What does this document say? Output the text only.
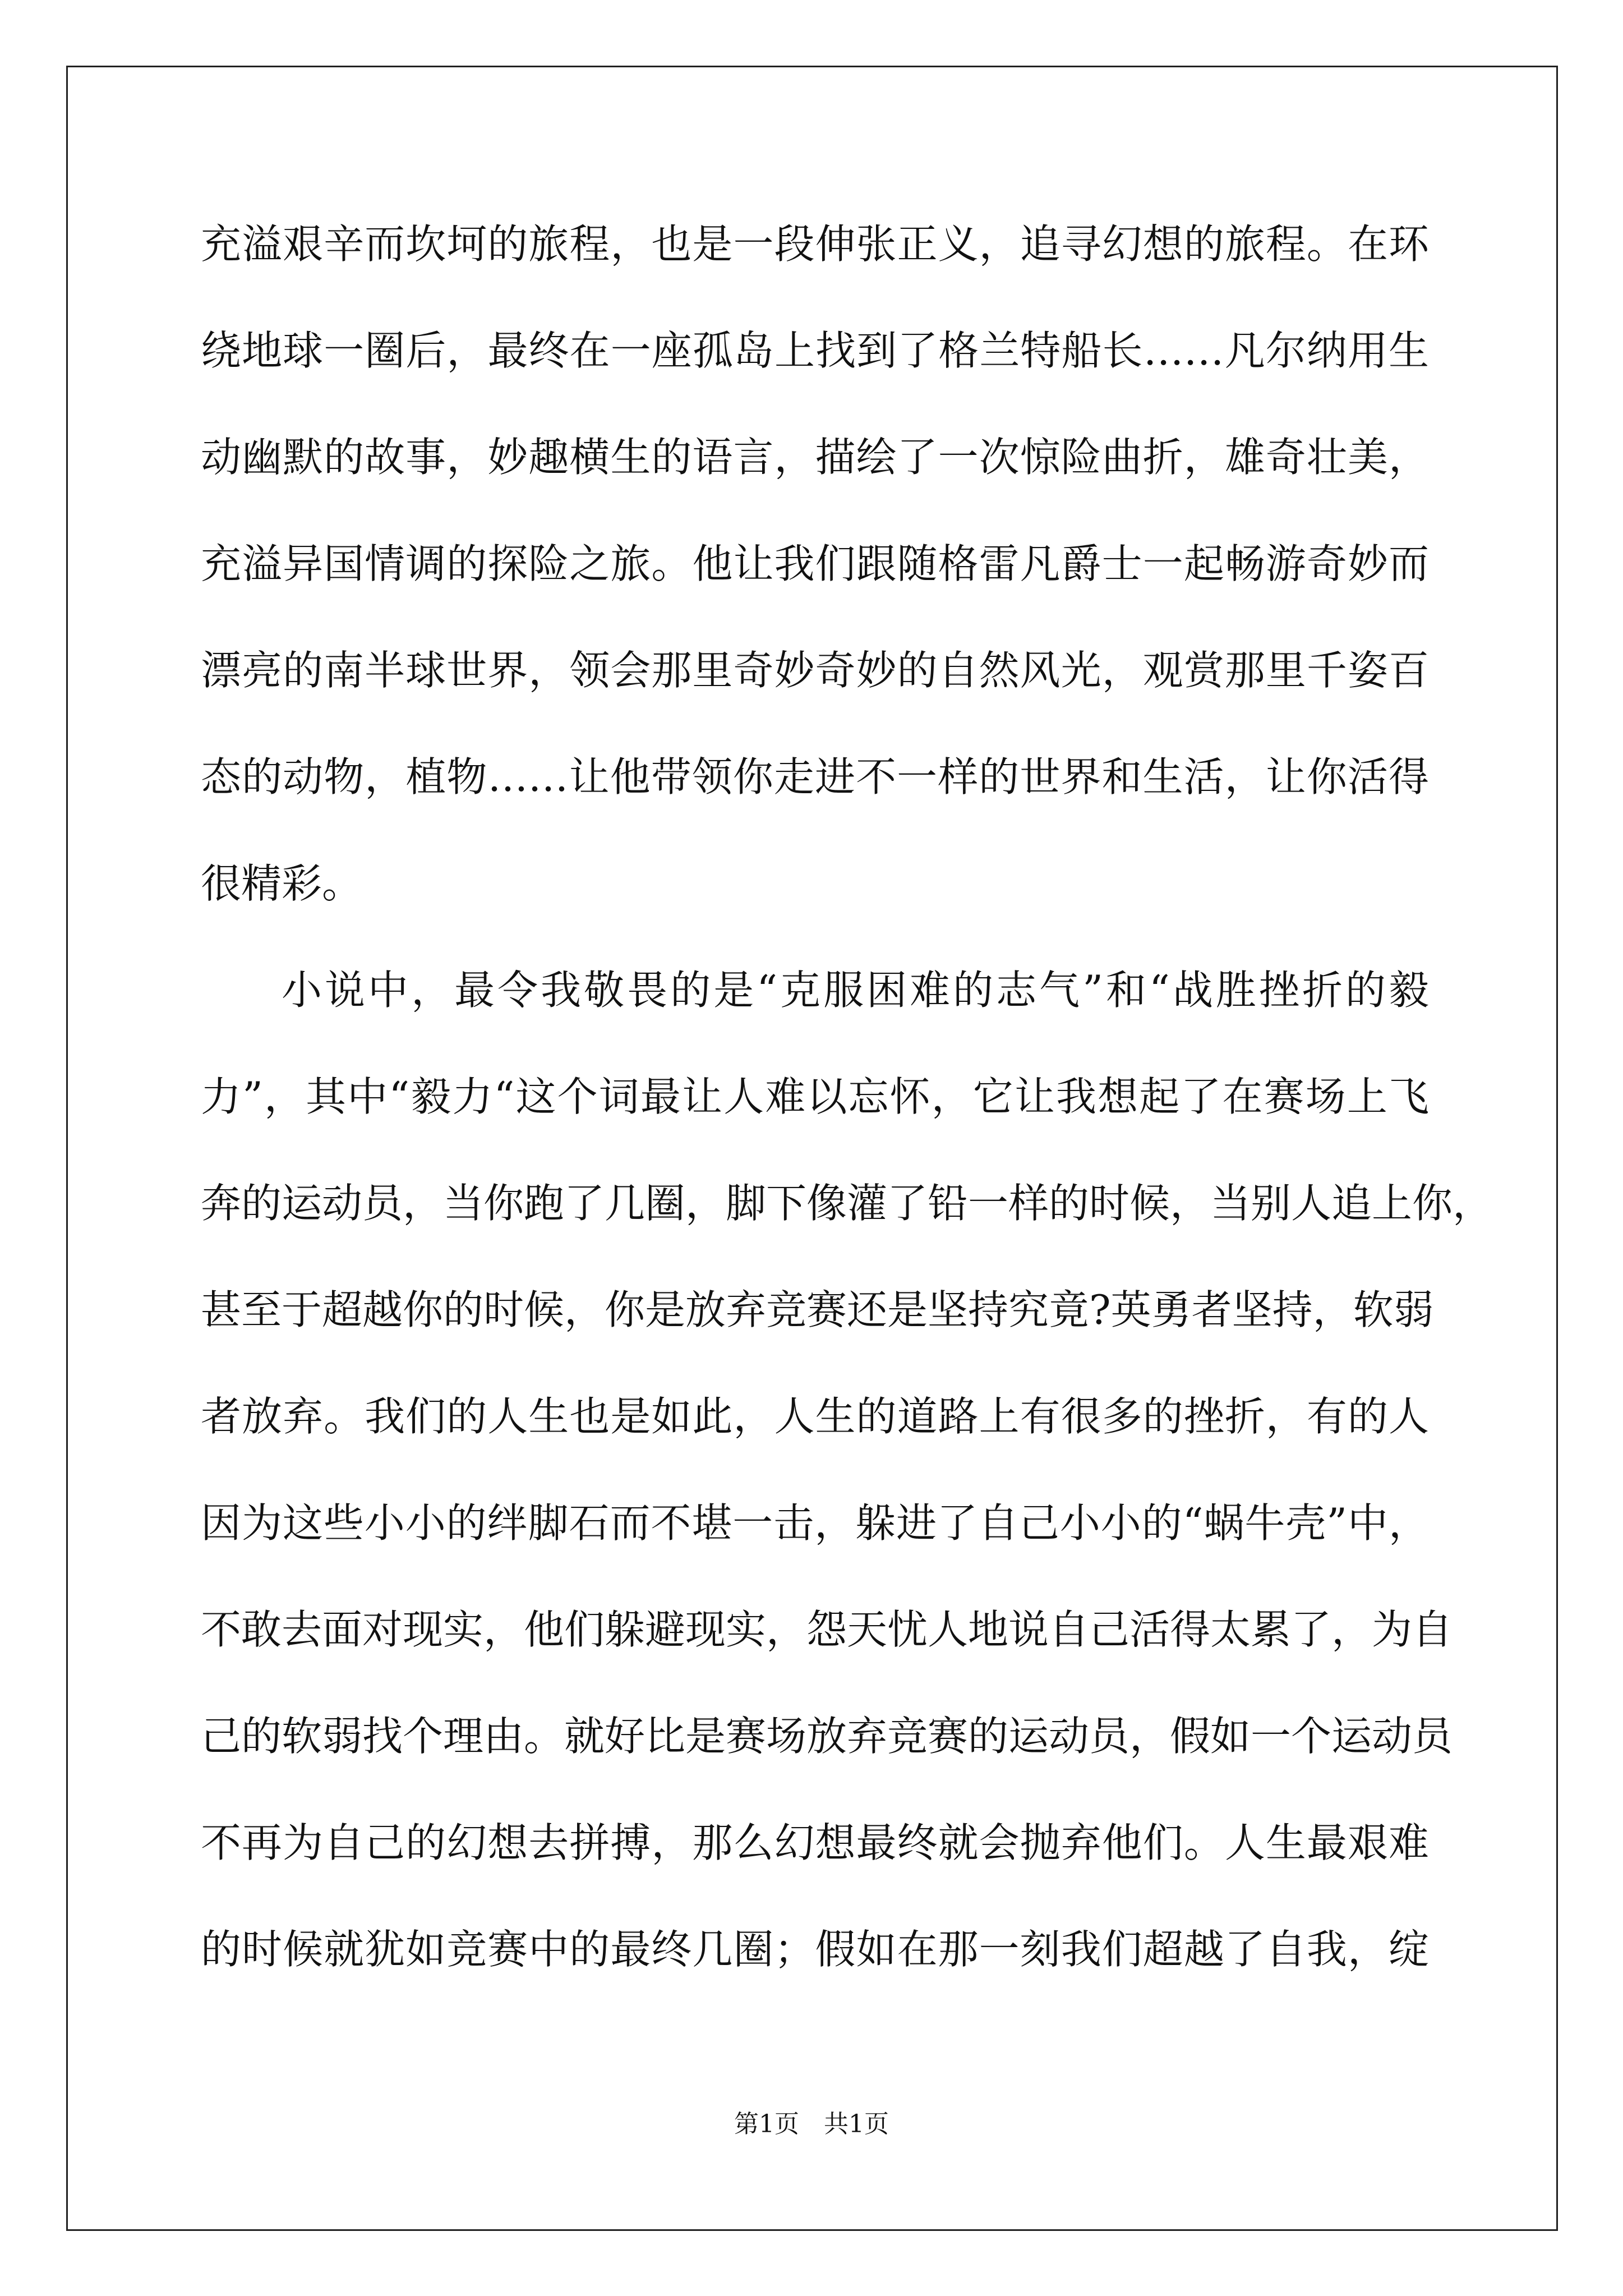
充溢艰辛而坎坷的旅程，也是一段伸张正义，追寻幻想的旅程。在环
绕地球一圈后，最终在一座孤岛上找到了格兰特船长……凡尔纳用生
动幽默的故事，妙趣横生的语言，描绘了一次惊险曲折，雄奇壮美，
充溢异国情调的探险之旅。他让我们跟随格雷凡爵士一起畅游奇妙而
漂亮的南半球世界，领会那里奇妙奇妙的自然风光，观赏那里千姿百
态的动物，植物……让他带领你走进不一样的世界和生活，让你活得
很精彩。
小说中，最令我敬畏的是“克服困难的志气”和“战胜挫折的毅
力”，其中“毅力“这个词最让人难以忘怀，它让我想起了在赛场上飞
奔的运动员，当你跑了几圈，脚下像灌了铅一样的时候，当别人追上你，
甚至于超越你的时候，你是放弃竞赛还是坚持究竟?英勇者坚持，软弱
者放弃。我们的人生也是如此，人生的道路上有很多的挫折，有的人
因为这些小小的绊脚石而不堪一击，躲进了自己小小的“蜗牛壳”中，
不敢去面对现实，他们躲避现实，怨天忧人地说自己活得太累了，为自
己的软弱找个理由。就好比是赛场放弃竞赛的运动员，假如一个运动员
不再为自己的幻想去拼搏，那么幻想最终就会抛弃他们。人生最艰难
的时候就犹如竞赛中的最终几圈；假如在那一刻我们超越了自我，绽
第1页　共1页
